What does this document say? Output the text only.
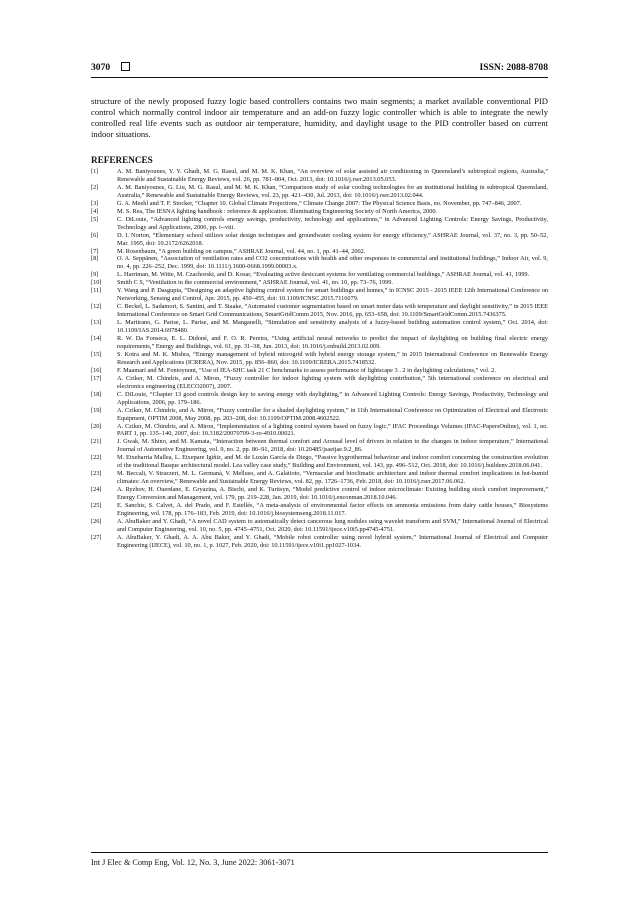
3070	ISSN: 2088-8708

structure of the newly proposed fuzzy logic based controllers contains two main segments; a market available conventional PID control which normally control indoor air temperature and an add-on fuzzy logic controller which is able to integrate the newly controlled real life events such as outdoor air temperature, humidity, and daylight usage to the PID controller based on current indoor situations.

REFERENCES
[1]	A. M. Baniyounes, Y. Y. Ghadi, M. G. Rasul, and M. M. K. Khan, “An overview of solar assisted air conditioning in Queensland’s subtropical regions, Australia,” Renewable and Sustainable Energy Reviews, vol. 26, pp. 781–804, Oct. 2013, doi: 10.1016/j.rser.2013.05.053.
[2]	A. M. Baniyounes, G. Liu, M. G. Rasul, and M. M. K. Khan, “Comparison study of solar cooling technologies for an institutional building in subtropical Queensland, Australia,” Renewable and Sustainable Energy Reviews, vol. 23, pp. 421–430, Jul. 2013, doi: 10.1016/j.rser.2013.02.044.
[3]	G. A. Meehl and T. F. Stocker, “Chapter 10. Global Climate Projections,” Climate Change 2007: The Physical Science Basis, no. November, pp. 747–846, 2007.
[4]	M. S. Rea, The IESNA lighting handbook : reference & application. Illuminating Engineering Society of North America, 2000.
[5]	C. DiLouie, “Advanced lighting controls energy savings, productivity, technology and applications,” in Advanced Lighting Controls: Energy Savings, Productivity, Technology and Applications, 2006, pp. i--viii.
[6]	D. I. Norton, “Elementary school utilizes solar design techniques and groundwater cooling system for energy efficiency,” ASHRAE Journal, vol. 37, no. 3, pp. 50–52, Mar. 1995, doi: 10.2172/6262018.
[7]	M. Rosenbaum, “A green building on campus,” ASHRAE Journal, vol. 44, no. 1, pp. 41–44, 2002.
[8]	O. A. Seppänen, “Association of ventilation rates and CO2 concentrations with health and other responses in commercial and institutional buildings,” Indoor Air, vol. 9, no. 4, pp. 226–252, Dec. 1999, doi: 10.1111/j.1600-0668.1999.00003.x.
[9]	L. Harriman, M. Witte, M. Czachorski, and D. Kosar, “Evaluating active desiccant systems for ventilating commercial buildings,” ASHRAE Journal, vol. 41, 1999.
[10] Smith C S, “Ventilation in the commercial environment,” ASHRAE Journal, vol. 41, no. 10, pp. 73–76, 1999.
[11] Y. Wang and P. Dasgupta, “Designing an adaptive lighting control system for smart buildings and homes,” in ICNSC 2015 - 2015 IEEE 12th International Conference on Networking, Sensing and Control, Apr. 2015, pp. 450–455, doi: 10.1109/ICNSC.2015.7116079.
[12] C. Beckel, L. Sadamori, S. Santini, and T. Staake, “Automated customer segmentation based on smart meter data with temperature and daylight sensitivity,” in 2015 IEEE International Conference on Smart Grid Communications, SmartGridComm 2015, Nov. 2016, pp. 653–658, doi: 10.1109/SmartGridComm.2015.7436375.
[13] L. Martirano, G. Parise, L. Parise, and M. Manganelli, “Simulation and sensitivity analysis of a fuzzy-based building automation control system,” Oct. 2014, doi: 10.1109/IAS.2014.6978480.
[14] R. W. Da Fonseca, E. L. Didoné, and F. O. R. Pereira, “Using artificial neural networks to predict the impact of daylighting on building final electric energy requirements,” Energy and Buildings, vol. 61, pp. 31–38, Jun. 2013, doi: 10.1016/j.enbuild.2013.02.009.
[15] S. Kotra and M. K. Mishra, “Energy management of hybrid microgrid with hybrid energy storage system,” in 2015 International Conference on Renewable Energy Research and Applications (ICRERA), Nov. 2015, pp. 856–860, doi: 10.1109/ICRERA.2015.7418532.
[16] F. Maamari and M. Fontoynont, “Use of IEA-SHC task 21 C benchmarks to assess performance of lightscape 3 . 2 in daylighting calculations,” vol. 2.
[17] A. Cziker, M. Chindris, and A. Miron, “Fuzzy controller for indoor lighting system with daylighting contribution,” 5th international conference on electrical and electronics engineering (ELECO2007), 2007.
[18] C. DiLouie, “Chapter 13 good controls design key to saving energy with daylighting,” in Advanced Lighting Controls: Energy Savings, Productivity, Technology and Applications, 2006, pp. 179–186.
[19] A. Cziker, M. Chindris, and A. Miron, “Fuzzy controller for a shaded daylighting system,” in 11th International Conference on Optimization of Electrical and Electronic Equipment, OPTIM 2008, May 2008, pp. 203–208, doi: 10.1109/OPTIM.2008.4602522.
[20] A. Cziker, M. Chindris, and A. Miron, “Implementation of a lighting control system based on fuzzy logic,” IFAC Proceedings Volumes (IFAC-PapersOnline), vol. 1, no. PART 1, pp. 135–140, 2007, doi: 10.3182/20070709-3-ro-4910.00021.
[21] J. Gwak, M. Shino, and M. Kamata, “Interaction between thermal comfort and Arousal level of drivers in relation to the changes in indoor temperature,” International Journal of Automotive Engineering, vol. 9, no. 2, pp. 86–91, 2018, doi: 10.20485/jsaeijae.9.2_86.
[22] M. Etxebarria Mallea, L. Etxepare Igiñiz, and M. de Luxán García de Diego, “Passive hygrothermal behaviour and indoor comfort concerning the construction evolution of the traditional Basque architectural model. Lea valley case study,” Building and Environment, vol. 143, pp. 496–512, Oct. 2018, doi: 10.1016/j.buildenv.2018.06.041.
[23] M. Beccali, V. Strazzeri, M. L. Germanà, V. Melluso, and A. Galatioto, “Vernacular and bioclimatic architecture and indoor thermal comfort implications in hot-humid climates: An overview,” Renewable and Sustainable Energy Reviews, vol. 82, pp. 1726–1736, Feb. 2018, doi: 10.1016/j.rser.2017.06.062.
[24] A. Ryzhov, H. Ouerdane, E. Gryazina, A. Bischi, and K. Turitsyn, “Model predictive control of indoor microclimate: Existing building stock comfort improvement,” Energy Conversion and Management, vol. 179, pp. 219–228, Jan. 2019, doi: 10.1016/j.enconman.2018.10.046.
[25] E. Sanchis, S. Calvet, A. del Prado, and F. Estellés, “A meta-analysis of environmental factor effects on ammonia emissions from dairy cattle houses,” Biosystems Engineering, vol. 178, pp. 176–183, Feb. 2019, doi: 10.1016/j.biosystemseng.2018.11.017.
[26] A. AbuBaker and Y. Ghadi, “A novel CAD system to automatically detect cancerous lung nodules using wavelet transform and SVM,” International Journal of Electrical and Computer Engineering, vol. 10, no. 5, pp. 4745–4751, Oct. 2020, doi: 10.11591/ijece.v10i5.pp4745-4751.
[27] A. AbuBaker, Y. Ghadi, A. A. Abu Baker, and Y. Ghadi, “Mobile robot controller using novel hybrid system,” International Journal of Electrical and Computer Engineering (IJECE), vol. 10, no. 1, p. 1027, Feb. 2020, doi: 10.11591/ijece.v10i1.pp1027-1034.
Int J Elec & Comp Eng, Vol. 12, No. 3, June 2022: 3061-3071
